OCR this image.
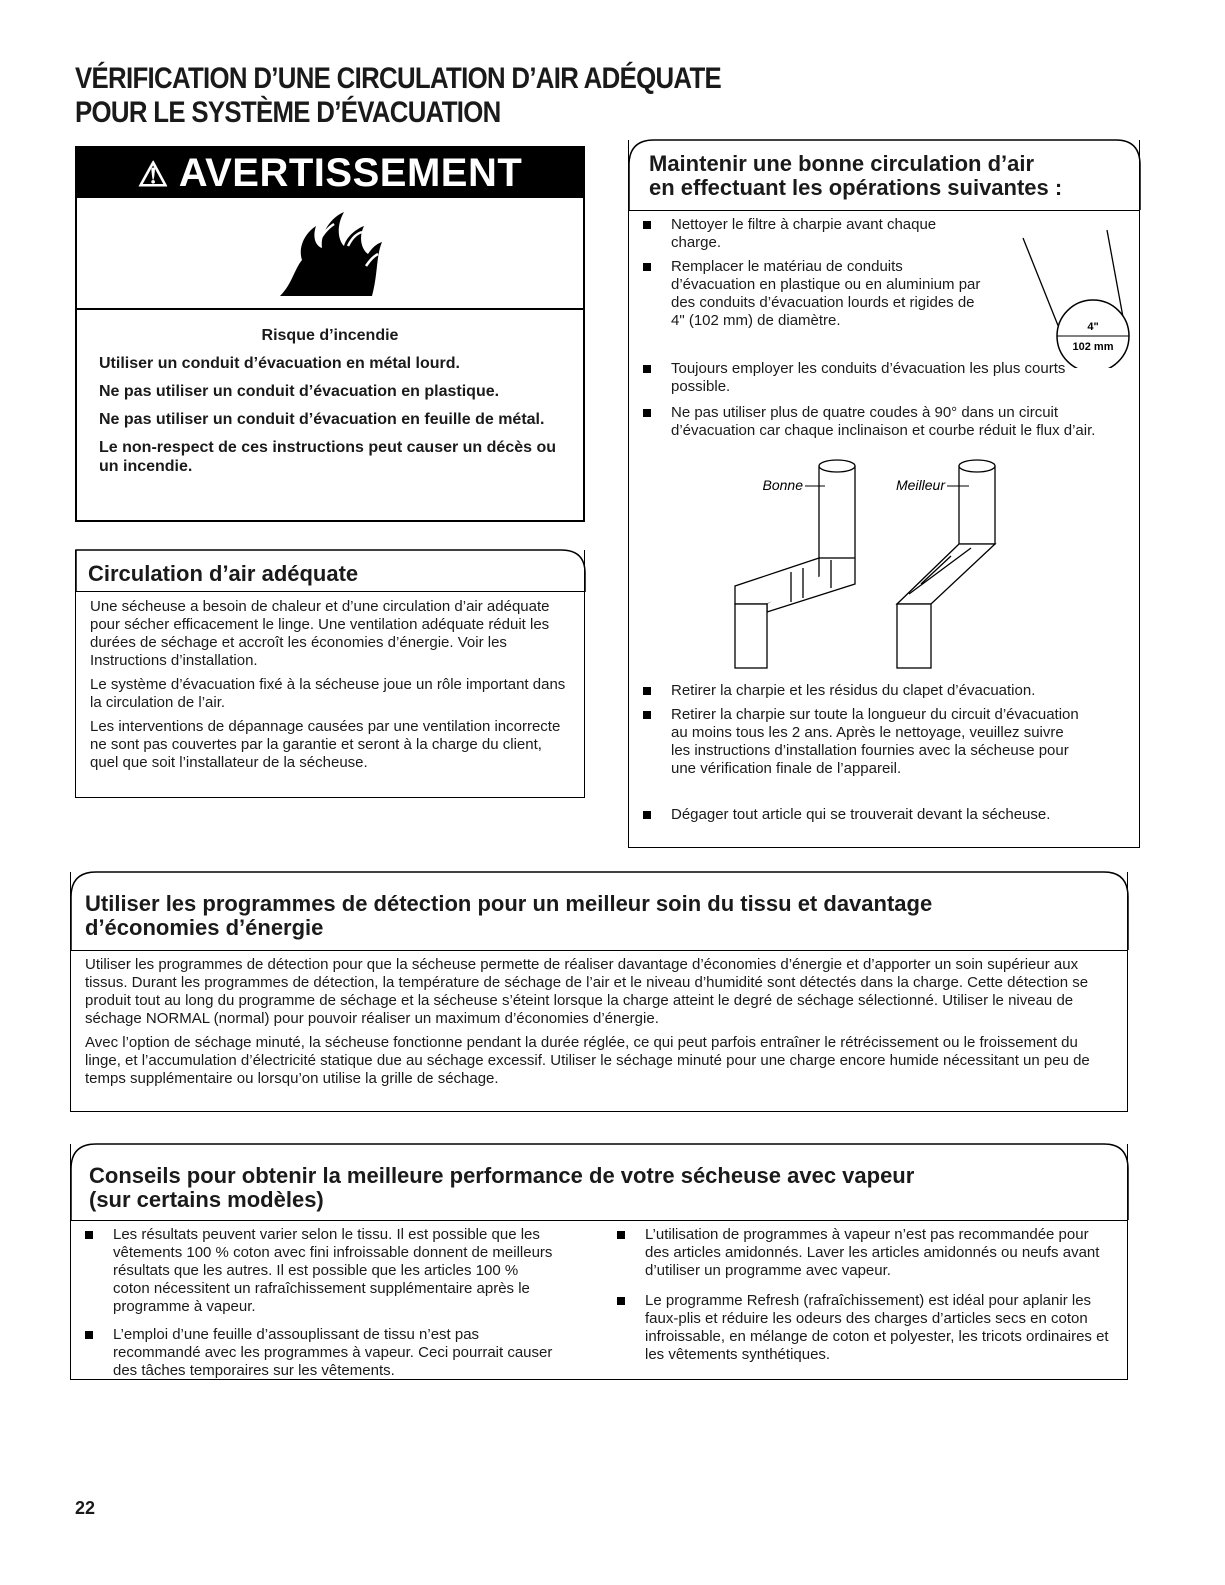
VÉRIFICATION D’UNE CIRCULATION D’AIR ADÉQUATE
POUR LE SYSTÈME D’ÉVACUATION
⚠ AVERTISSEMENT
Risque d’incendie

Utiliser un conduit d’évacuation en métal lourd.

Ne pas utiliser un conduit d’évacuation en plastique.

Ne pas utiliser un conduit d’évacuation en feuille de métal.

Le non-respect de ces instructions peut causer un décès ou un incendie.

Circulation d’air adéquate

Une sécheuse a besoin de chaleur et d’une circulation d’air adéquate pour sécher efficacement le linge. Une ventilation adéquate réduit les durées de séchage et accroît les économies d’énergie. Voir les Instructions d’installation.

Le système d’évacuation fixé à la sécheuse joue un rôle important dans la circulation de l’air.

Les interventions de dépannage causées par une ventilation incorrecte ne sont pas couvertes par la garantie et seront à la charge du client, quel que soit l’installateur de la sécheuse.

Maintenir une bonne circulation d’air
en effectuant les opérations suivantes :
Nettoyer le filtre à charpie avant chaque charge.
Remplacer le matériau de conduits d’évacuation en plastique ou en aluminium par des conduits d’évacuation lourds et rigides de 4" (102 mm) de diamètre.
Toujours employer les conduits d’évacuation les plus courts possible.
Ne pas utiliser plus de quatre coudes à 90° dans un circuit d’évacuation car chaque inclinaison et courbe réduit le flux d’air.
4"
102 mm
Bonne	Meilleur
Retirer la charpie et les résidus du clapet d’évacuation.
Retirer la charpie sur toute la longueur du circuit d’évacuation au moins tous les 2 ans. Après le nettoyage, veuillez suivre les instructions d’installation fournies avec la sécheuse pour une vérification finale de l’appareil.
Dégager tout article qui se trouverait devant la sécheuse.
Utiliser les programmes de détection pour un meilleur soin du tissu et davantage
d’économies d’énergie

Utiliser les programmes de détection pour que la sécheuse permette de réaliser davantage d’économies d’énergie et d’apporter un soin supérieur aux tissus. Durant les programmes de détection, la température de séchage de l’air et le niveau d’humidité sont détectés dans la charge. Cette détection se produit tout au long du programme de séchage et la sécheuse s’éteint lorsque la charge atteint le degré de séchage sélectionné. Utiliser le niveau de séchage NORMAL (normal) pour pouvoir réaliser un maximum d’économies d’énergie.

Avec l’option de séchage minuté, la sécheuse fonctionne pendant la durée réglée, ce qui peut parfois entraîner le rétrécissement ou le froissement du linge, et l’accumulation d’électricité statique due au séchage excessif. Utiliser le séchage minuté pour une charge encore humide nécessitant un peu de temps supplémentaire ou lorsqu’on utilise la grille de séchage.

Conseils pour obtenir la meilleure performance de votre sécheuse avec vapeur
(sur certains modèles)
Les résultats peuvent varier selon le tissu. Il est possible que les vêtements 100 % coton avec fini infroissable donnent de meilleurs résultats que les autres. Il est possible que les articles 100 % coton nécessitent un rafraîchissement supplémentaire après le programme à vapeur.
L’emploi d’une feuille d’assouplissant de tissu n’est pas recommandé avec les programmes à vapeur. Ceci pourrait causer des tâches temporaires sur les vêtements.
L’utilisation de programmes à vapeur n’est pas recommandée pour des articles amidonnés. Laver les articles amidonnés ou neufs avant d’utiliser un programme avec vapeur.
Le programme Refresh (rafraîchissement) est idéal pour aplanir les faux-plis et réduire les odeurs des charges d’articles secs en coton infroissable, en mélange de coton et polyester, les tricots ordinaires et les vêtements synthétiques.
22
